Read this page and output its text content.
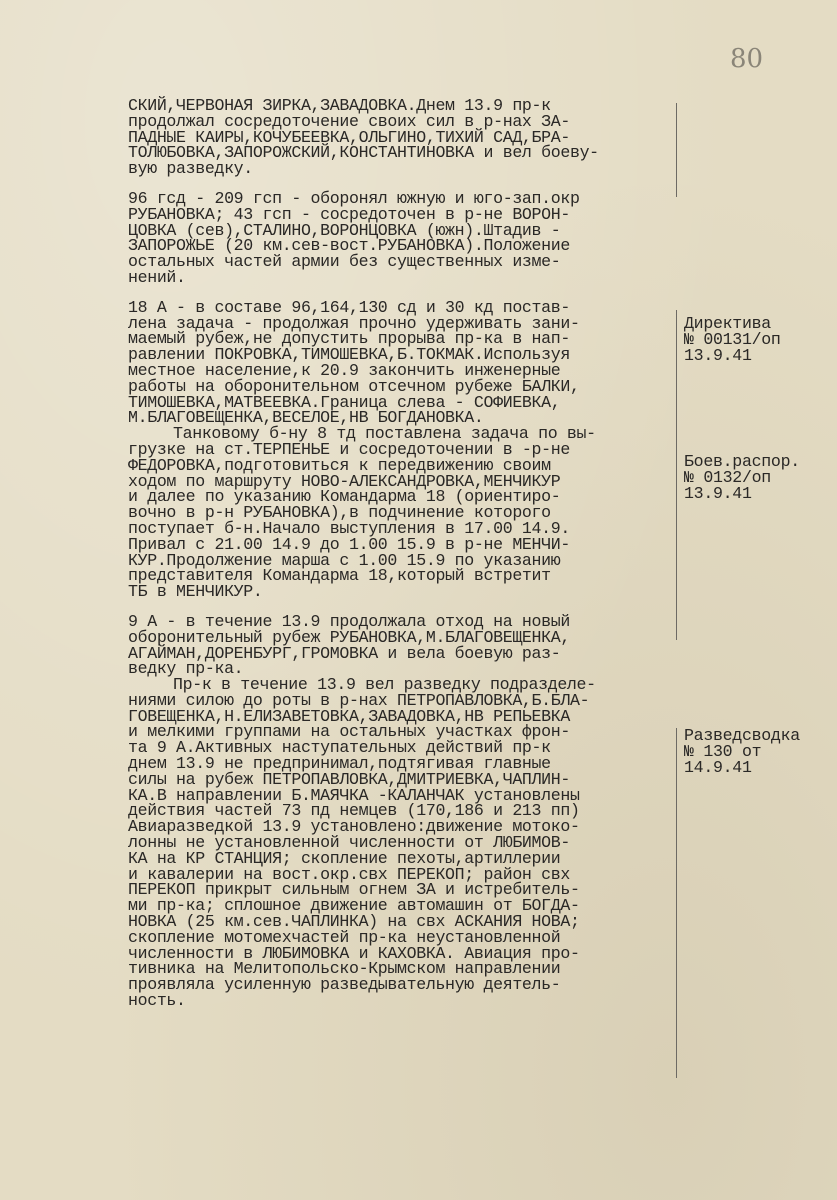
80
СКИЙ,ЧЕРВОНАЯ ЗИРКА,ЗАВАДОВКА.Днем 13.9 пр-к
продолжал сосредоточение своих сил в р-нах ЗА-
ПАДНЫЕ КАИРЫ,КОЧУБЕЕВКА,ОЛЬГИНО,ТИХИЙ САД,БРА-
ТОЛЮБОВКА,ЗАПОРОЖСКИЙ,КОНСТАНТИНОВКА и вел боеву-
вую разведку.
96 гсд - 209 гсп - оборонял южную и юго-зап.окр
РУБАНОВКА; 43 гсп - сосредоточен в р-не ВОРОН-
ЦОВКА (сев),СТАЛИНО,ВОРОНЦОВКА (южн).Штадив -
ЗАПОРОЖЬЕ (20 км.сев-вост.РУБАНОВКА).Положение
остальных частей армии без существенных изме-
нений.
18 А - в составе 96,164,130 сд и 30 кд постав-
лена задача - продолжая прочно удерживать зани-
маемый рубеж,не допустить прорыва пр-ка в нап-
равлении ПОКРОВКА,ТИМОШЕВКА,Б.ТОКМАК.Используя
местное население,к 20.9 закончить инженерные
работы на оборонительном отсечном рубеже БАЛКИ,
ТИМОШЕВКА,МАТВЕЕВКА.Граница слева - СОФИЕВКА,
М.БЛАГОВЕЩЕНКА,ВЕСЕЛОЕ,НВ БОГДАНОВКА.
Танковому б-ну 8 тд поставлена задача по вы-
грузке на ст.ТЕРПЕНЬЕ и сосредоточении в -р-не
ФЕДОРОВКА,подготовиться к передвижению своим
ходом по маршруту НОВО-АЛЕКСАНДРОВКА,МЕНЧИКУР
и далее по указанию Командарма 18 (ориентиро-
вочно в р-н РУБАНОВКА),в подчинение которого
поступает б-н.Начало выступления в 17.00 14.9.
Привал с 21.00 14.9 до 1.00 15.9 в р-не МЕНЧИ-
КУР.Продолжение марша с 1.00 15.9 по указанию
представителя Командарма 18,который встретит
ТБ в МЕНЧИКУР.
9 А - в течение 13.9 продолжала отход на новый
оборонительный рубеж РУБАНОВКА,М.БЛАГОВЕЩЕНКА,
АГАЙМАН,ДОРЕНБУРГ,ГРОМОВКА и вела боевую раз-
ведку пр-ка.
Пр-к в течение 13.9 вел разведку подразделе-
ниями силою до роты в р-нах ПЕТРОПАВЛОВКА,Б.БЛА-
ГОВЕЩЕНКА,Н.ЕЛИЗАВЕТОВКА,ЗАВАДОВКА,НВ РЕПЬЕВКА
и мелкими группами на остальных участках фрон-
та 9 А.Активных наступательных действий пр-к
днем 13.9 не предпринимал,подтягивая главные
силы на рубеж ПЕТРОПАВЛОВКА,ДМИТРИЕВКА,ЧАПЛИН-
КА.В направлении Б.МАЯЧКА -КАЛАНЧАК установлены
действия частей 73 пд немцев (170,186 и 213 пп)
Авиаразведкой 13.9 установлено:движение мотоко-
лонны не установленной численности от ЛЮБИМОВ-
КА на КР СТАНЦИЯ; скопление пехоты,артиллерии
и кавалерии на вост.окр.свх ПЕРЕКОП; район свх
ПЕРЕКОП прикрыт сильным огнем ЗА и истребитель-
ми пр-ка; сплошное движение автомашин от БОГДА-
НОВКА (25 км.сев.ЧАПЛИНКА) на свх АСКАНИЯ НОВА;
скопление мотомехчастей пр-ка неустановленной
численности в ЛЮБИМОВКА и КАХОВКА. Авиация про-
тивника на Мелитопольско-Крымском направлении
проявляла усиленную разведывательную деятель-
ность.
Директива
№ 00131/оп
13.9.41
Боев.распор.
№ 0132/оп
13.9.41
Разведсводка
№ 130 от
14.9.41
